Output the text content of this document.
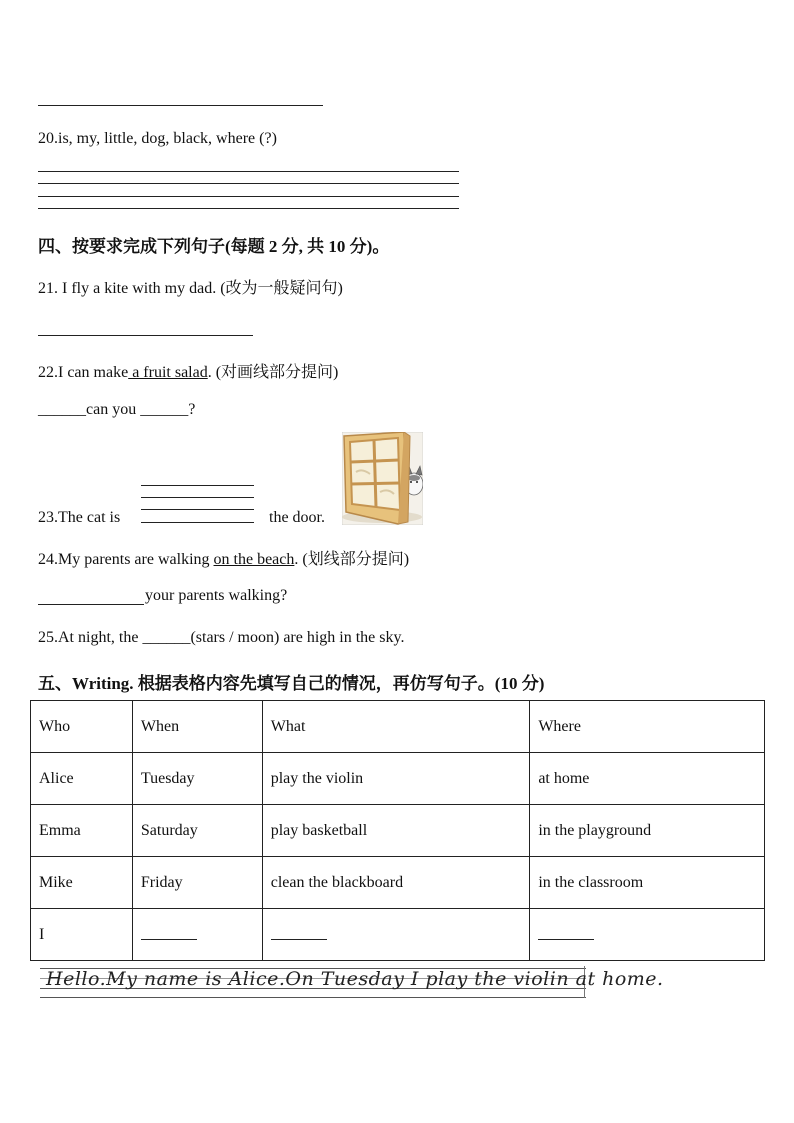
20.is, my, little, dog, black, where (?)
四、按要求完成下列句子(每题 2 分, 共 10 分)。
21. I fly a kite with my dad. (改为一般疑问句)
22.I can make a fruit salad. (对画线部分提问)
______can you ______?
23.The cat is	the door.
24.My parents are walking on the beach. (划线部分提问)
your parents walking?
25.At night, the ______(stars / moon) are high in the sky.
五、Writing. 根据表格内容先填写自己的情况，再仿写句子。(10 分)
Who	When	What	Where
Alice	Tuesday	play the violin	at home
Emma	Saturday	play basketball	in the playground
Mike	Friday	clean the blackboard	in the classroom
I			
Hello.My name is Alice.On Tuesday I play the violin at home.
